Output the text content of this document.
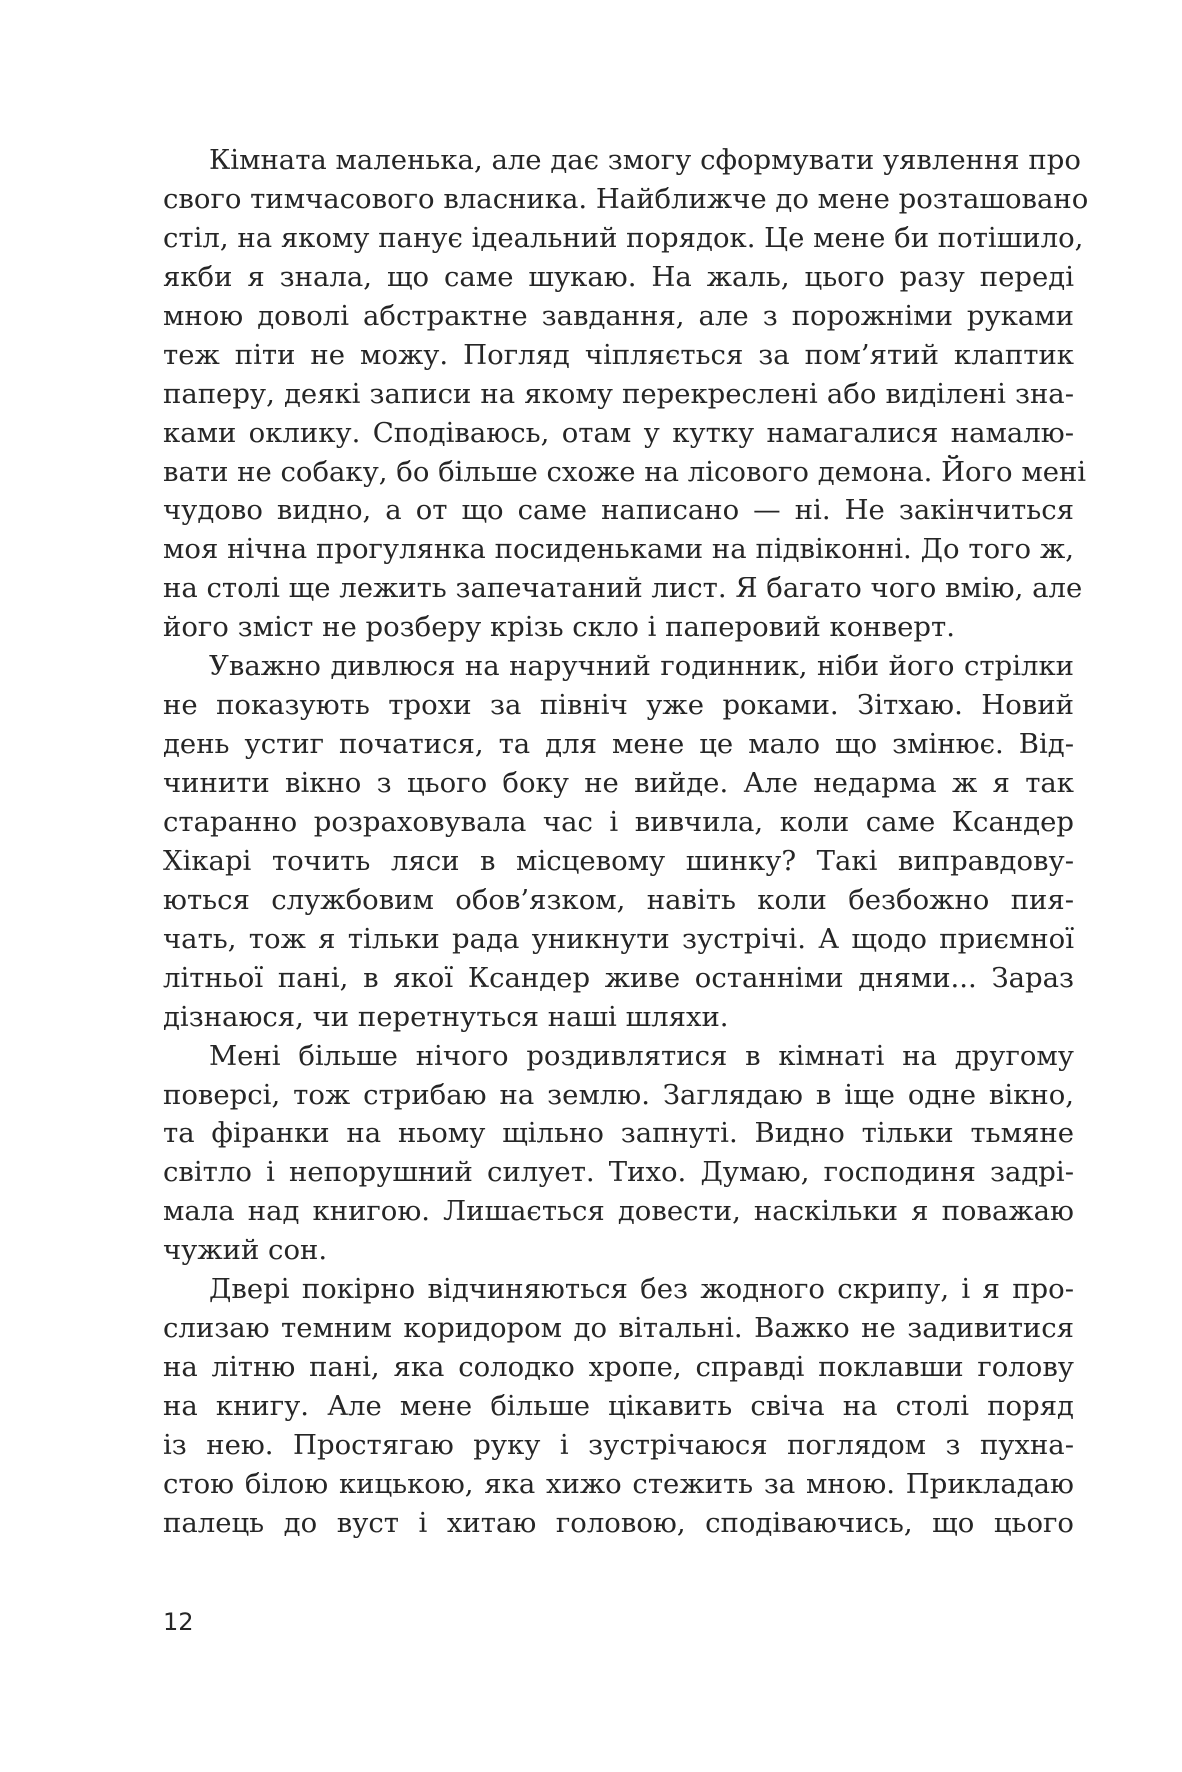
Кімната маленька, але дає змогу сформувати уявлення про
свого тимчасового власника. Найближче до мене розташовано
стіл, на якому панує ідеальний порядок. Це мене би потішило,
якби я знала, що саме шукаю. На жаль, цього разу переді
мною доволі абстрактне завдання, але з порожніми руками
теж піти не можу. Погляд чіпляється за пом’ятий клаптик
паперу, деякі записи на якому перекреслені або виділені зна-
ками оклику. Сподіваюсь, отам у кутку намагалися намалю-
вати не собаку, бо більше схоже на лісового демона. Його мені
чудово видно, а от що саме написано — ні. Не закінчиться
моя нічна прогулянка посиденьками на підвіконні. До того ж,
на столі ще лежить запечатаний лист. Я багато чого вмію, але
його зміст не розберу крізь скло і паперовий конверт.
Уважно дивлюся на наручний годинник, ніби його стрілки
не показують трохи за північ уже роками. Зітхаю. Новий
день устиг початися, та для мене це мало що змінює. Від-
чинити вікно з цього боку не вийде. Але недарма ж я так
старанно розраховувала час і вивчила, коли саме Ксандер
Хікарі точить ляси в місцевому шинку? Такі виправдову-
ються службовим обов’язком, навіть коли безбожно пия-
чать, тож я тільки рада уникнути зустрічі. А щодо приємної
літньої пані, в якої Ксандер живе останніми днями... Зараз
дізнаюся, чи перетнуться наші шляхи.
Мені більше нічого роздивлятися в кімнаті на другому
поверсі, тож стрибаю на землю. Заглядаю в іще одне вікно,
та фіранки на ньому щільно запнуті. Видно тільки тьмяне
світло і непорушний силует. Тихо. Думаю, господиня задрі-
мала над книгою. Лишається довести, наскільки я поважаю
чужий сон.
Двері покірно відчиняються без жодного скрипу, і я про-
слизаю темним коридором до вітальні. Важко не задивитися
на літню пані, яка солодко хропе, справді поклавши голову
на книгу. Але мене більше цікавить свіча на столі поряд
із нею. Простягаю руку і зустрічаюся поглядом з пухна-
стою білою кицькою, яка хижо стежить за мною. Прикладаю
палець до вуст і хитаю головою, сподіваючись, що цього
12
